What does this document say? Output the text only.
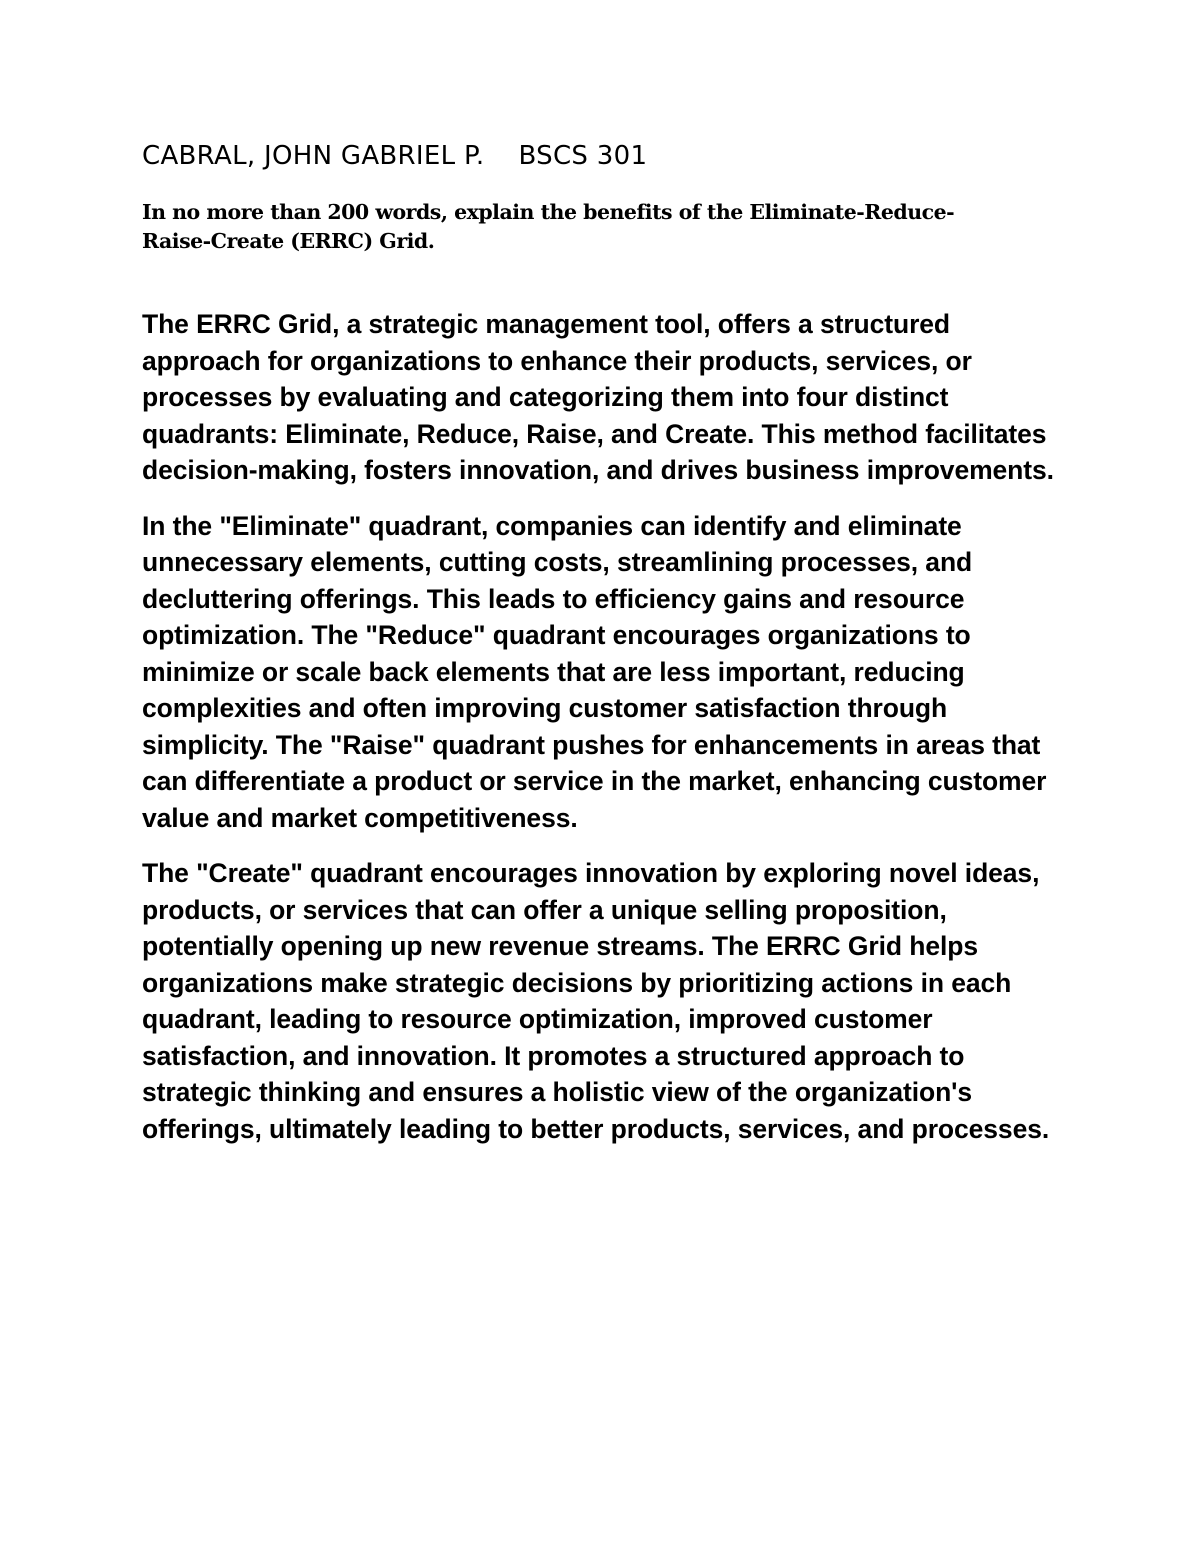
CABRAL, JOHN GABRIEL P. BSCS 301

In no more than 200 words, explain the benefits of the Eliminate-Reduce-Raise-Create (ERRC) Grid.

The ERRC Grid, a strategic management tool, offers a structured approach for organizations to enhance their products, services, or processes by evaluating and categorizing them into four distinct quadrants: Eliminate, Reduce, Raise, and Create. This method facilitates decision-making, fosters innovation, and drives business improvements.

In the "Eliminate" quadrant, companies can identify and eliminate unnecessary elements, cutting costs, streamlining processes, and decluttering offerings. This leads to efficiency gains and resource optimization. The "Reduce" quadrant encourages organizations to minimize or scale back elements that are less important, reducing complexities and often improving customer satisfaction through simplicity. The "Raise" quadrant pushes for enhancements in areas that can differentiate a product or service in the market, enhancing customer value and market competitiveness.

The "Create" quadrant encourages innovation by exploring novel ideas, products, or services that can offer a unique selling proposition, potentially opening up new revenue streams. The ERRC Grid helps organizations make strategic decisions by prioritizing actions in each quadrant, leading to resource optimization, improved customer satisfaction, and innovation. It promotes a structured approach to strategic thinking and ensures a holistic view of the organization's offerings, ultimately leading to better products, services, and processes.
